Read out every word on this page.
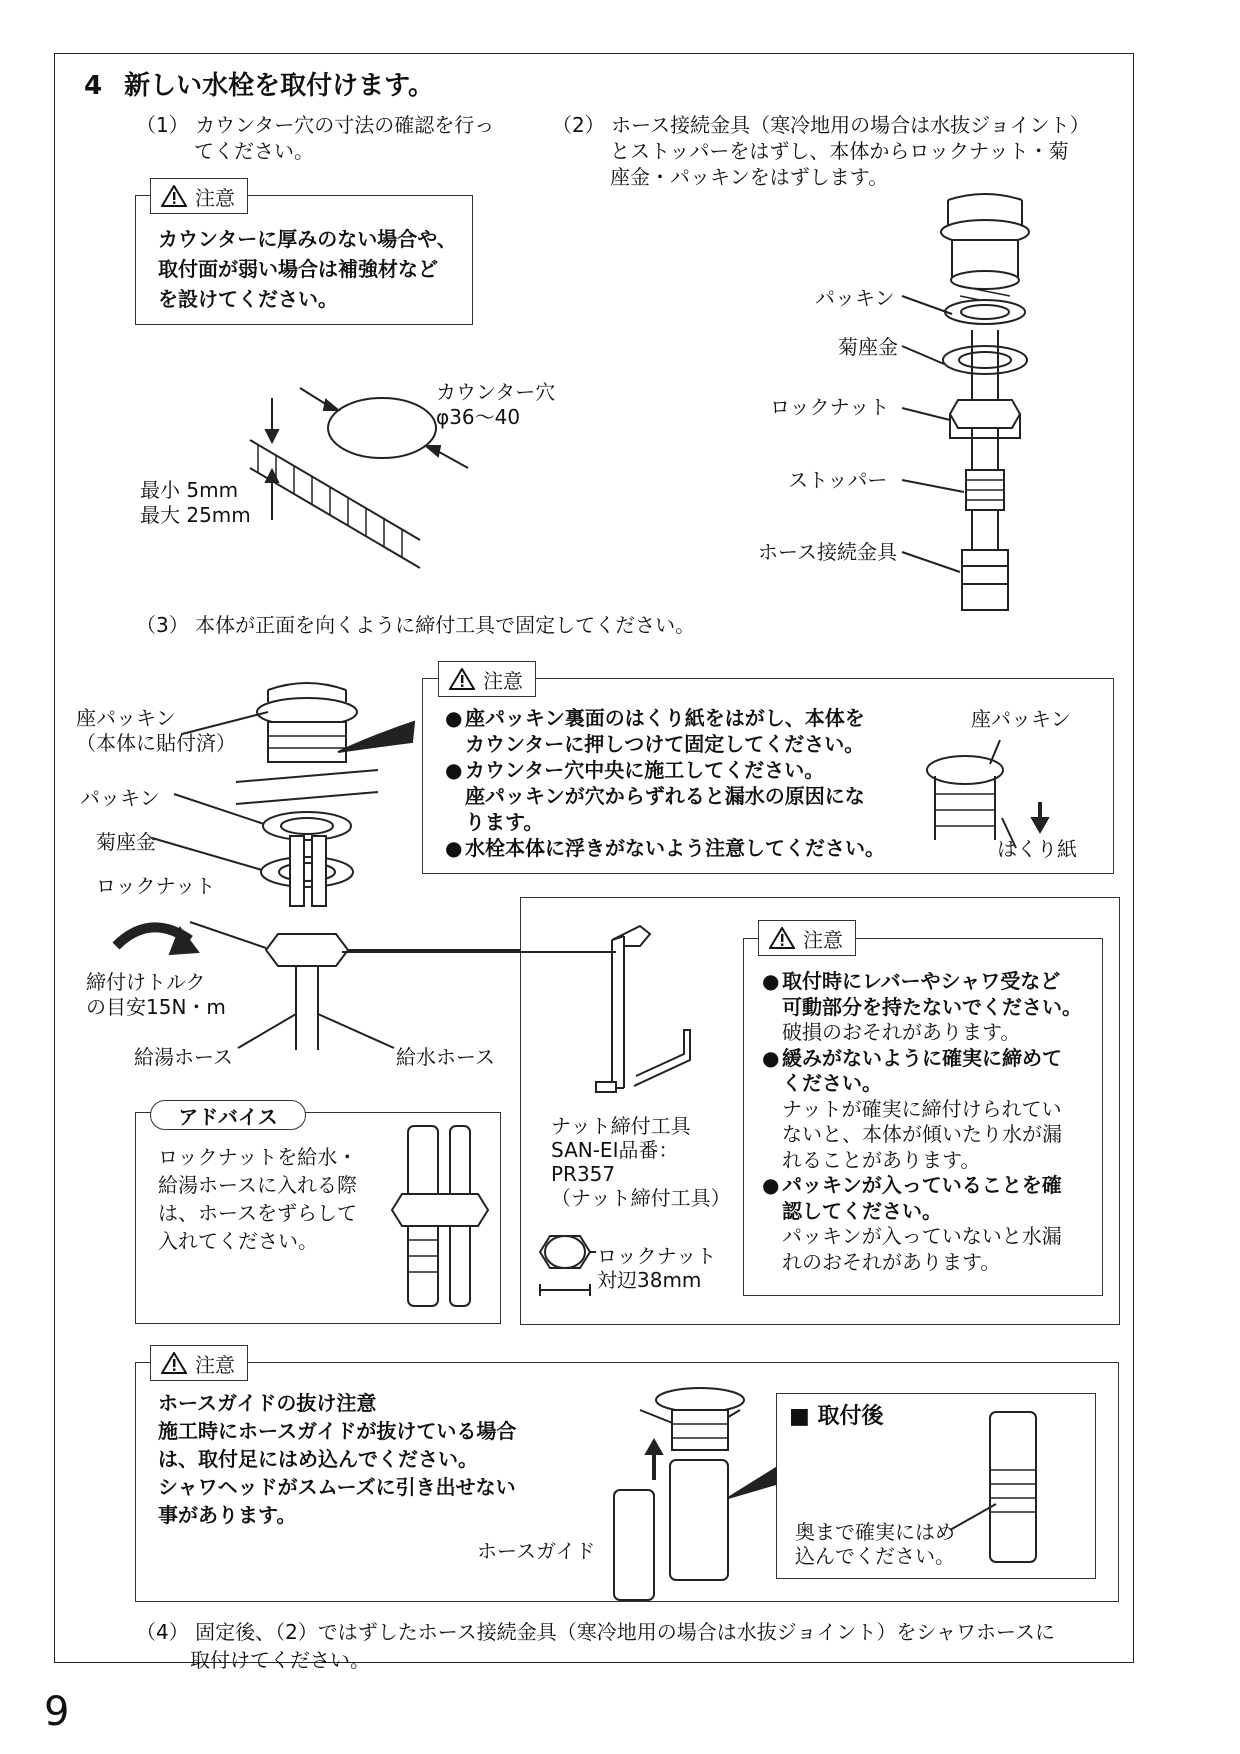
4 新しい水栓を取付けます。
（1） カウンター穴の寸法の確認を行っ
てください。
（2） ホース接続金具（寒冷地用の場合は水抜ジョイント）
とストッパーをはずし、本体からロックナット・菊
座金・パッキンをはずします。
カウンターに厚みのない場合や、
取付面が弱い場合は補強材など
を設けてください。
注意
カウンター穴
φ36～40
最小 5mm
最大 25mm
パッキン
菊座金
ロックナット
ストッパー
ホース接続金具
（3） 本体が正面を向くように締付工具で固定してください。
座パッキン
（本体に貼付済）
パッキン
菊座金
ロックナット
締付けトルク
の目安15N・m
給湯ホース	給水ホース
● 座パッキン裏面のはくり紙をはがし、本体を
カウンターに押しつけて固定してください。
● カウンター穴中央に施工してください。
座パッキンが穴からずれると漏水の原因にな
ります。
● 水栓本体に浮きがないよう注意してください。
座パッキン
はくり紙
注意
ロックナットを給水・
給湯ホースに入れる際
は、ホースをずらして
入れてください。
アドバイス	ナット締付工具
SAN-EI品番：
PR357
（ナット締付工具）
ロックナット
対辺38mm
● 取付時にレバーやシャワ受など
可動部分を持たないでください。
破損のおそれがあります。
● 緩みがないように確実に締めて
ください。
ナットが確実に締付けられてい
ないと、本体が傾いたり水が漏
れることがあります。
● パッキンが入っていることを確
認してください。
パッキンが入っていないと水漏
れのおそれがあります。
注意
ホースガイドの抜け注意
施工時にホースガイドが抜けている場合
は、取付足にはめ込んでください。
シャワヘッドがスムーズに引き出せない
事があります。
ホースガイド
■ 取付後
奥まで確実にはめ
込んでください。
注意
（4） 固定後、（2）ではずしたホース接続金具（寒冷地用の場合は水抜ジョイント）をシャワホースに
取付けてください。
9
